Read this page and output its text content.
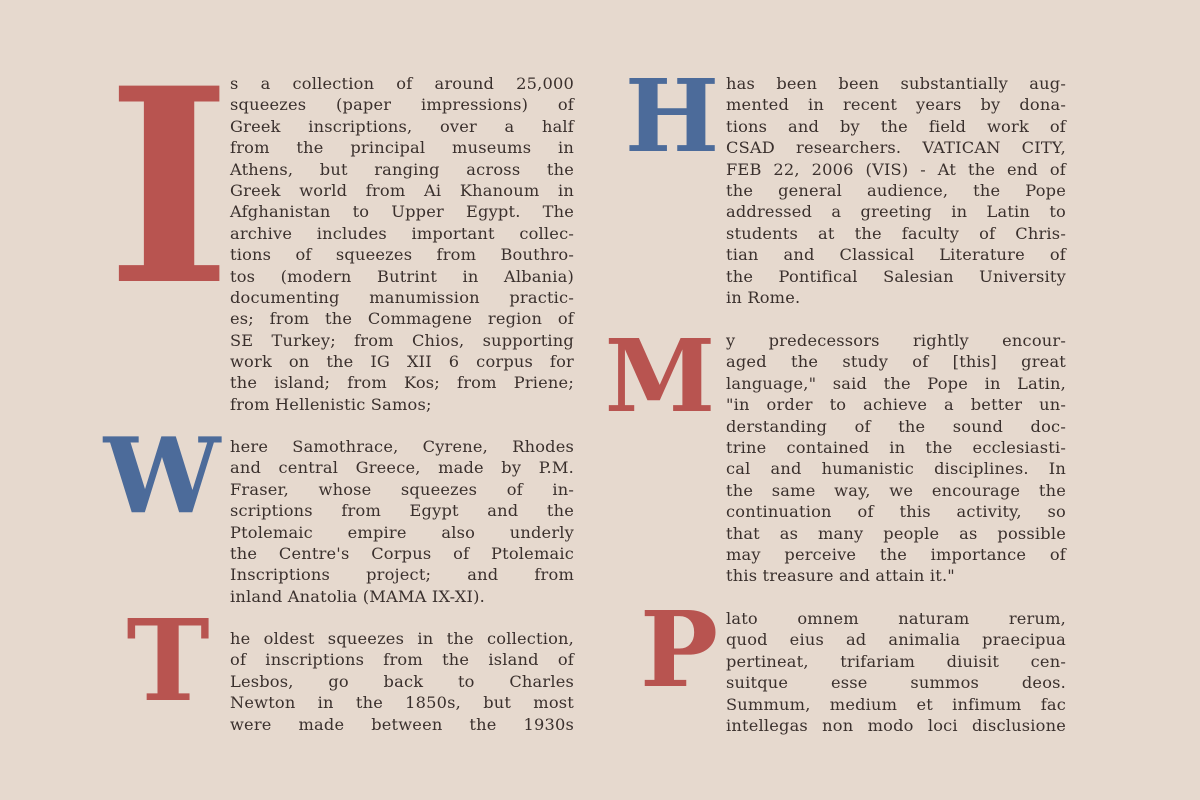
I
s a collection of around 25,000
squeezes (paper impressions) of
Greek inscriptions, over a half
from the principal museums in
Athens, but ranging across the
Greek world from Ai Khanoum in
Afghanistan to Upper Egypt. The
archive includes important collec-
tions of squeezes from Bouthro-
tos (modern Butrint in Albania)
documenting manumission practic-
es; from the Commagene region of
SE Turkey; from Chios, supporting
work on the IG XII 6 corpus for
the island; from Kos; from Priene;
from Hellenistic Samos;
W here Samothrace, Cyrene, Rhodes
and central Greece, made by P.M.
Fraser, whose squeezes of in-
scriptions from Egypt and the
Ptolemaic empire also underly
the Centre's Corpus of Ptolemaic
Inscriptions project; and from
inland Anatolia (MAMA IX-XI).
T	he oldest squeezes in the collection,
of inscriptions from the island of
Lesbos, go back to Charles
Newton in the 1850s, but most
were made between the 1930s
H has been been substantially aug-
mented in recent years by dona-
tions and by the field work of
CSAD researchers. VATICAN CITY,
FEB 22, 2006 (VIS) - At the end of
the general audience, the Pope
addressed a greeting in Latin to
students at the faculty of Chris-
tian and Classical Literature of
the Pontifical Salesian University
in Rome.
M y predecessors rightly encour-
aged the study of [this] great
language," said the Pope in Latin,
"in order to achieve a better un-
derstanding of the sound doc-
trine contained in the ecclesiasti-
cal and humanistic disciplines. In
the same way, we encourage the
continuation of this activity, so
that as many people as possible
may perceive the importance of
this treasure and attain it."
P lato omnem naturam rerum,
quod eius ad animalia praecipua
pertineat, trifariam diuisit cen-
suitque esse summos deos.
Summum, medium et infimum fac
intellegas non modo loci disclusione
